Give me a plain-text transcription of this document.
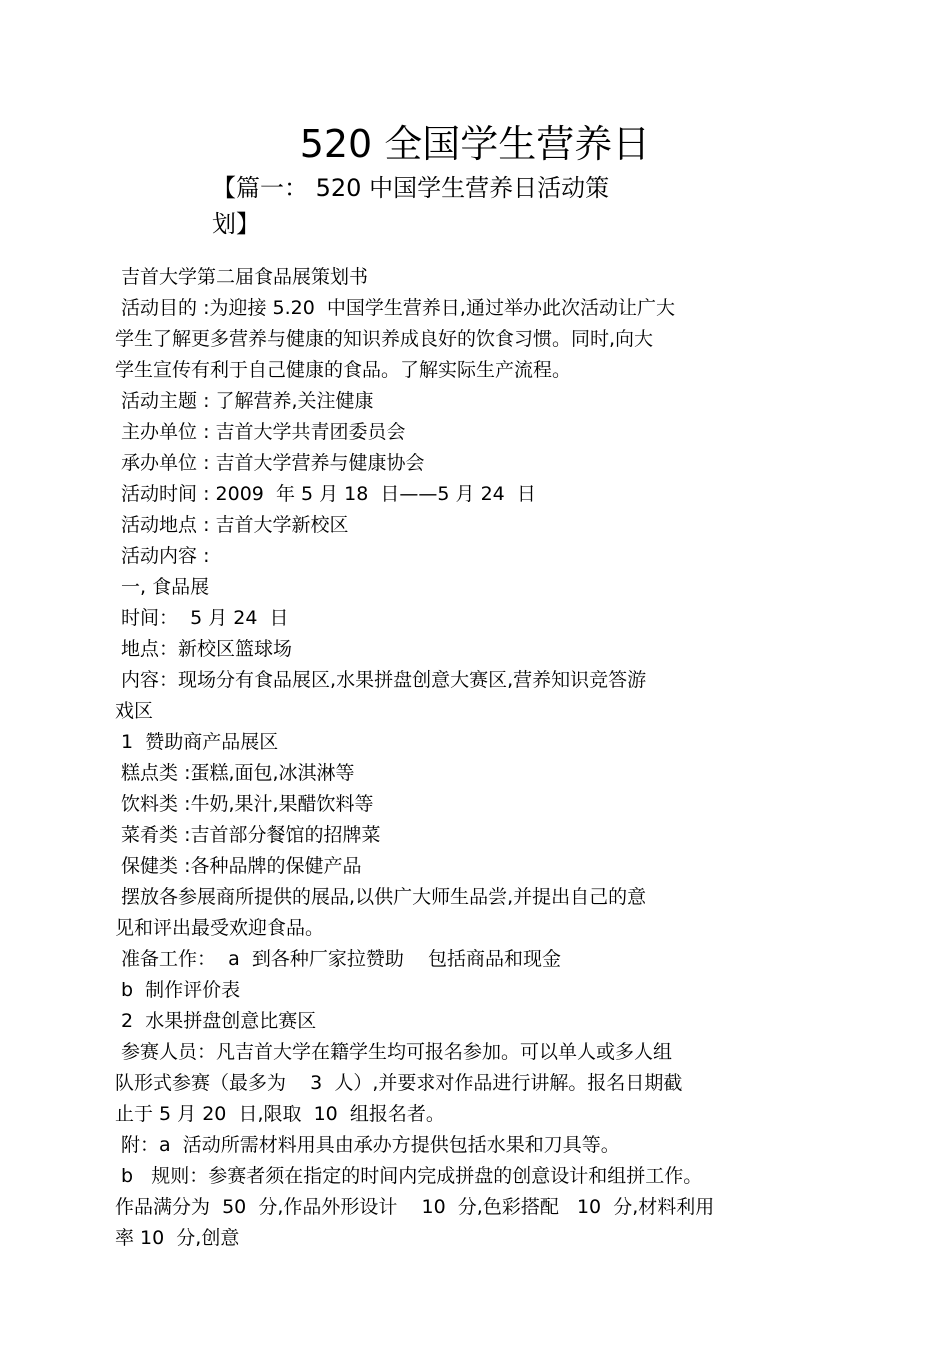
520 全国学生营养日
【篇一： 520 中国学生营养日活动策
划】
吉首大学第二届食品展策划书
活动目的 :为迎接 5.20  中国学生营养日,通过举办此次活动让广大
学生了解更多营养与健康的知识养成良好的饮食习惯。同时,向大
学生宣传有利于自己健康的食品。了解实际生产流程。
活动主题 : 了解营养,关注健康
主办单位 : 吉首大学共青团委员会
承办单位 : 吉首大学营养与健康协会
活动时间 : 2009  年 5 月 18  日——5 月 24  日
活动地点 : 吉首大学新校区
活动内容 :
一, 食品展
时间：  5 月 24  日
地点：新校区篮球场
内容：现场分有食品展区,水果拼盘创意大赛区,营养知识竞答游
戏区
1  赞助商产品展区
糕点类 :蛋糕,面包,冰淇淋等
饮料类 :牛奶,果汁,果醋饮料等
菜肴类 :吉首部分餐馆的招牌菜
保健类 :各种品牌的保健产品
摆放各参展商所提供的展品,以供广大师生品尝,并提出自己的意
见和评出最受欢迎食品。
准备工作：  a  到各种厂家拉赞助    包括商品和现金
b  制作评价表
2  水果拼盘创意比赛区
参赛人员：凡吉首大学在籍学生均可报名参加。可以单人或多人组
队形式参赛（最多为    3  人）,并要求对作品进行讲解。报名日期截
止于 5 月 20  日,限取  10  组报名者。
附：a  活动所需材料用具由承办方提供包括水果和刀具等。
b   规则：参赛者须在指定的时间内完成拼盘的创意设计和组拼工作。
作品满分为  50  分,作品外形设计    10  分,色彩搭配   10  分,材料利用
率 10  分,创意
